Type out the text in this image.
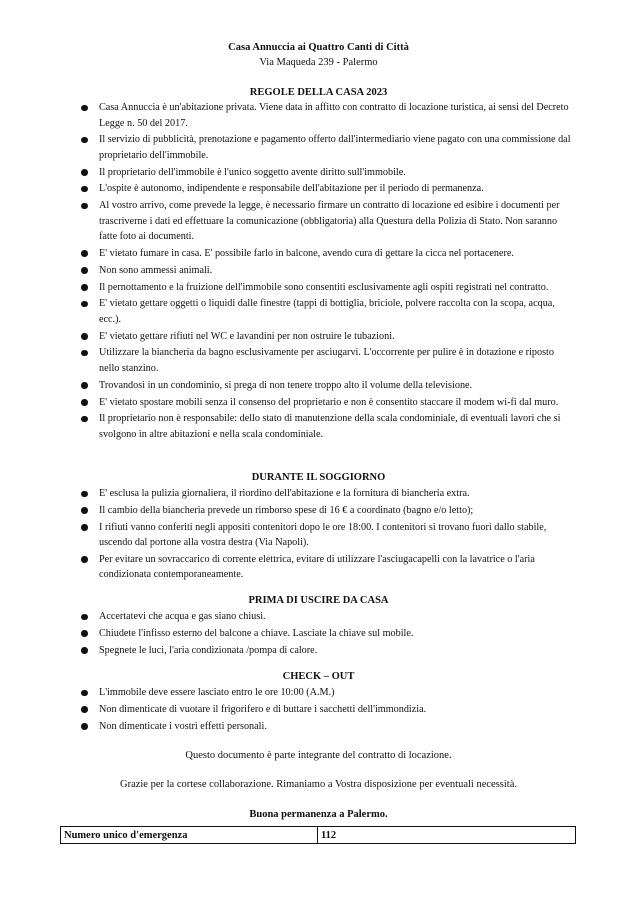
Casa Annuccia ai Quattro Canti di Città
Via Maqueda 239 - Palermo
REGOLE DELLA CASA 2023
Casa Annuccia è un'abitazione privata. Viene data in affitto con contratto di locazione turistica, ai sensi del Decreto Legge n. 50 del 2017.
Il servizio di pubblicità, prenotazione e pagamento offerto dall'intermediario viene pagato con una commissione dal proprietario dell'immobile.
Il proprietario dell'immobile è l'unico soggetto avente diritto sull'immobile.
L'ospite è autonomo, indipendente e responsabile dell'abitazione per il periodo di permanenza.
Al vostro arrivo, come prevede la legge, è necessario firmare un contratto di locazione ed esibire i documenti per trascriverne i dati ed effettuare la comunicazione (obbligatoria) alla Questura della Polizia di Stato. Non saranno fatte foto ai documenti.
E' vietato fumare in casa. E' possibile farlo in balcone, avendo cura di gettare la cicca nel portacenere.
Non sono ammessi animali.
Il pernottamento e la fruizione dell'immobile sono consentiti esclusivamente agli ospiti registrati nel contratto.
E' vietato gettare oggetti o liquidi dalle finestre (tappi di bottiglia, briciole, polvere raccolta con la scopa, acqua, ecc.).
E' vietato gettare rifiuti nel WC e lavandini per non ostruire le tubazioni.
Utilizzare la biancheria da bagno esclusivamente per asciugarvi. L'occorrente per pulire è in dotazione e riposto nello stanzino.
Trovandosi in un condominio, si prega di non tenere troppo alto il volume della televisione.
E' vietato spostare mobili senza il consenso del proprietario e non è consentito staccare il modem wi-fi dal muro.
Il proprietario non è responsabile: dello stato di manutenzione della scala condominiale, di eventuali lavori che si svolgono in altre abitazioni e nella scala condominiale.
DURANTE IL SOGGIORNO
E' esclusa la pulizia giornaliera, il riordino dell'abitazione e la fornitura di biancheria extra.
Il cambio della biancheria prevede un rimborso spese di 16 € a coordinato (bagno e/o letto);
I rifiuti vanno conferiti negli appositi contenitori dopo le ore 18:00. I contenitori si trovano fuori dallo stabile, uscendo dal portone alla vostra destra (Via Napoli).
Per evitare un sovraccarico di corrente elettrica, evitare di utilizzare l'asciugacapelli con la lavatrice o l'aria condizionata contemporaneamente.
PRIMA DI USCIRE DA CASA
Accertatevi che acqua e gas siano chiusi.
Chiudete l'infisso esterno del balcone a chiave. Lasciate la chiave sul mobile.
Spegnete le luci, l'aria condizionata /pompa di calore.
CHECK – OUT
L'immobile deve essere lasciato entro le ore 10:00 (A.M.)
Non dimenticate di vuotare il frigorifero e di buttare i sacchetti dell'immondizia.
Non dimenticate i vostri effetti personali.
Questo documento è parte integrante del contratto di locazione.
Grazie per la cortese collaborazione. Rimaniamo a Vostra disposizione per eventuali necessità.
Buona permanenza a Palermo.
Numero unico d'emergenza	112
